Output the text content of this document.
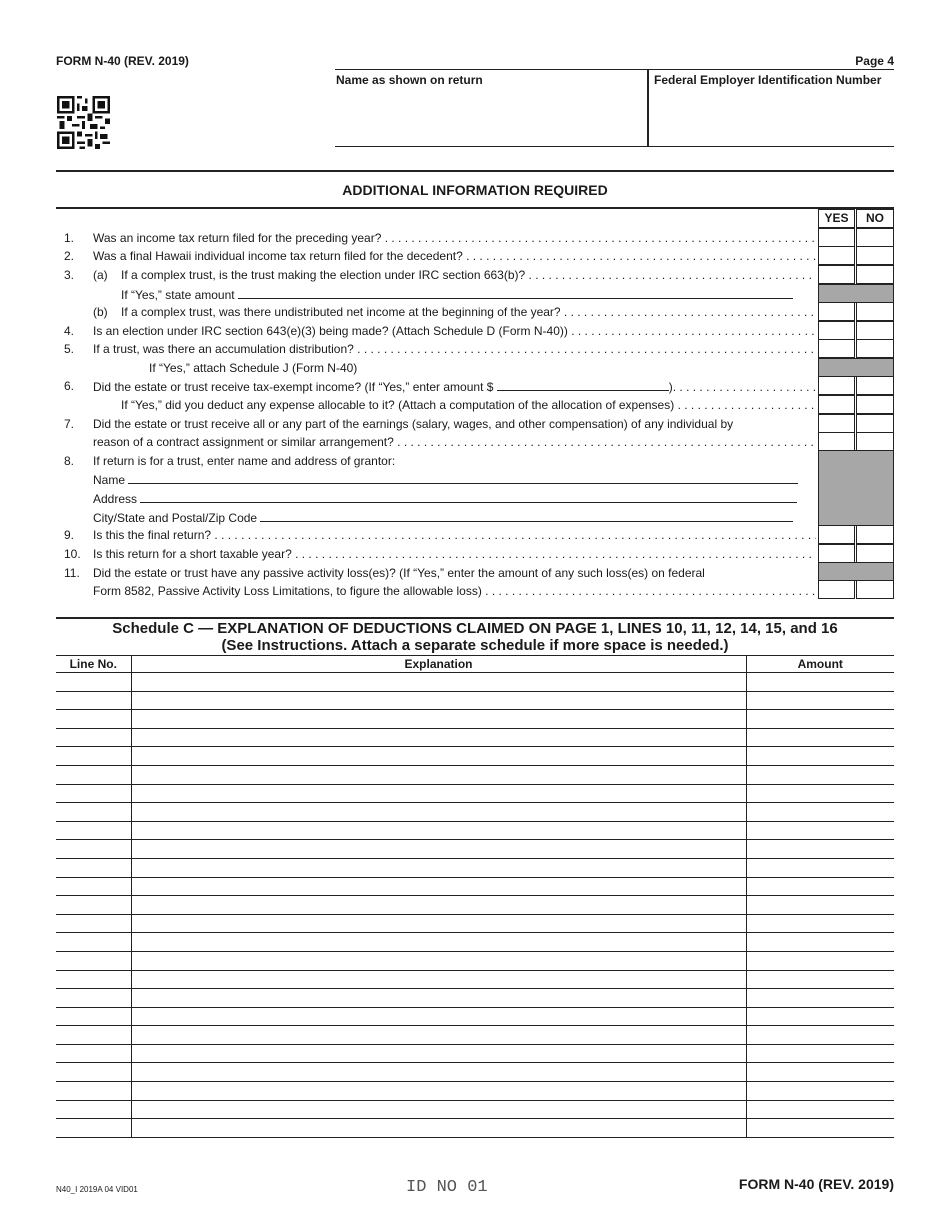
FORM N-40 (REV. 2019)	Page 4
Name as shown on return	Federal Employer Identification Number
ADDITIONAL INFORMATION REQUIRED
1. Was an income tax return filed for the preceding year? . . .
2. Was a final Hawaii individual income tax return filed for the decedent? . . .
3. (a)    If a complex trust, is the trust making the election under IRC section 663(b)? . . .
If “Yes,” state amount
(b)    If a complex trust, was there undistributed net income at the beginning of the year? . . .
4. Is an election under IRC section 643(e)(3) being made? (Attach Schedule D (Form N-40)) . . .
5. If a trust, was there an accumulation distribution? . . .
If “Yes,” attach Schedule J (Form N-40)
6. Did the estate or trust receive tax-exempt income? (If “Yes,” enter amount $	). . . .
If “Yes,” did you deduct any expense allocable to it? (Attach a computation of the allocation of expenses) . . .
7. Did the estate or trust receive all or any part of the earnings (salary, wages, and other compensation) of any individual by
reason of a contract assignment or similar arrangement? . . .
8. If return is for a trust, enter name and address of grantor:
Name
Address
City/State and Postal/Zip Code
9. Is this the final return? . . .
10. Is this return for a short taxable year? . . .
11. Did the estate or trust have any passive activity loss(es)? (If “Yes,” enter the amount of any such loss(es) on federal
Form 8582, Passive Activity Loss Limitations, to figure the allowable loss) . . .
YES	NO
Schedule C — EXPLANATION OF DEDUCTIONS CLAIMED ON PAGE 1, LINES 10, 11, 12, 14, 15, and 16
(See Instructions. Attach a separate schedule if more space is needed.)
Line No.	Explanation	Amount

N40_I 2019A 04 VID01	ID NO 01	FORM N-40 (REV. 2019)
